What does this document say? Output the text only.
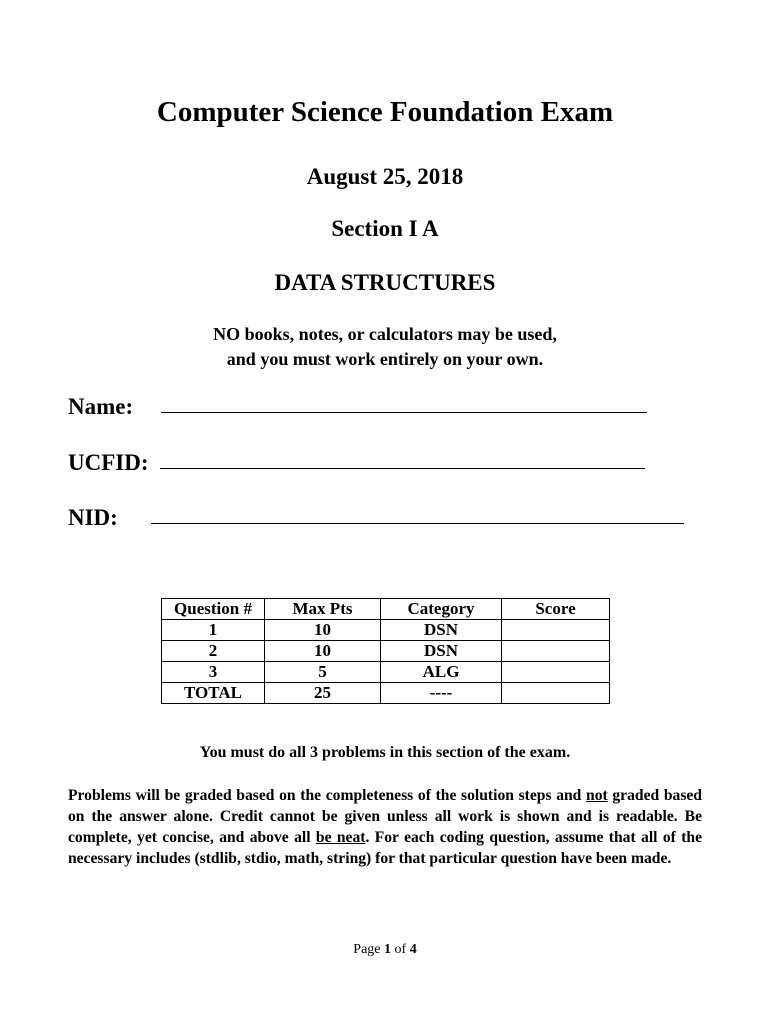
Computer Science Foundation Exam
August 25, 2018
Section I A
DATA STRUCTURES
NO books, notes, or calculators may be used,
and you must work entirely on your own.
Name:
UCFID:
NID:
Question #	Max Pts	Category	Score
1	10	DSN	
2	10	DSN	
3	5	ALG	
TOTAL	25	----	
You must do all 3 problems in this section of the exam.
Problems will be graded based on the completeness of the solution steps and not graded based on the answer alone. Credit cannot be given unless all work is shown and is readable. Be complete, yet concise, and above all be neat. For each coding question, assume that all of the necessary includes (stdlib, stdio, math, string) for that particular question have been made.
Page 1 of 4
